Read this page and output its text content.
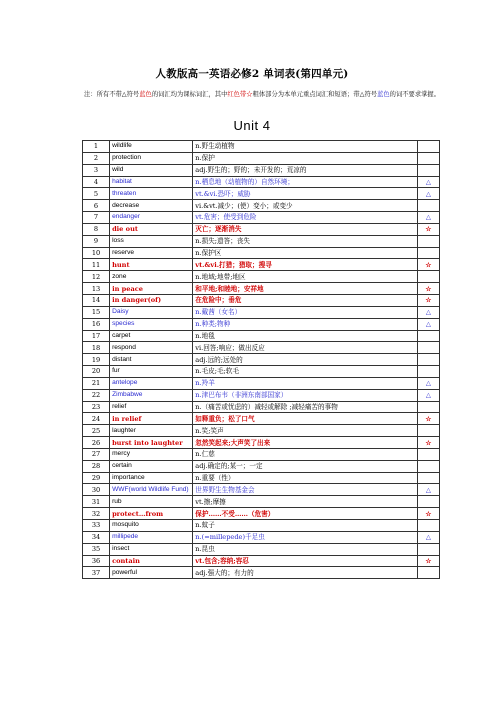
人教版高一英语必修2 单词表(第四单元)
注：所有不带△符号蓝色的词汇均为课标词汇，其中红色带☆粗体部分为本单元重点词汇和短语；带△符号蓝色的词不要求掌握。
Unit 4
1	wildlife	n.野生动植物	
2	protection	n.保护	
3	wild	adj.野生的；野的；未开发的；荒凉的	
4	habitat	n.栖息地（动植物的）自然环境；	△
5	threaten	vt.&vi.恐吓；威胁	△
6	decrease	vi.&vt.减少；(使）变小；或变少	
7	endanger	vt.危害；使受到危险	△
8	die out	灭亡；逐渐消失	☆
9	loss	n.损失;遗答；丧失	
10	reserve	n.保护区	
11	hunt	vt.&vi.打猎；猎取；搜寻	☆
12	zone	n.地域;地带;地区	
13	in peace	和平地;和睦地；安祥地	☆
14	in danger(of)	在危险中；垂危	☆
15	Daisy	n.戴茜（女名）	△
16	species	n.种类;物种	△
17	carpet	n.地毯	
18	respond	vi.回答;响应；做出反应	
19	distant	adj.远的;远处的	
20	fur	n.毛皮;毛;软毛	
21	antelope	n.羚羊	△
22	Zimbabwe	n.津巴布韦（非洲东南部国家）	△
23	relief	n.（痛苦或忧虑的）减轻或解除 ;减轻痛苦的事物	
24	in relief	如释重负；松了口气	☆
25	laughter	n.笑;笑声	
26	burst into laughter	忽然笑起来;大声笑了出来	☆
27	mercy	n.仁慈	
28	certain	adj.确定的;某一；一定	
29	importance	n.重要（性）	
30	WWF(world Wildlife Fund)	世界野生生物基金会	△
31	rub	vt.擦;摩擦	
32	protect…from	保护……不受……（危害）	☆
33	mosquito	n.蚊子	
34	millipede	n.(=millepede)千足虫	△
35	insect	n.昆虫	
36	contain	vt.包含;容纳;容忍	☆
37	powerful	adj.强大的；有力的	
